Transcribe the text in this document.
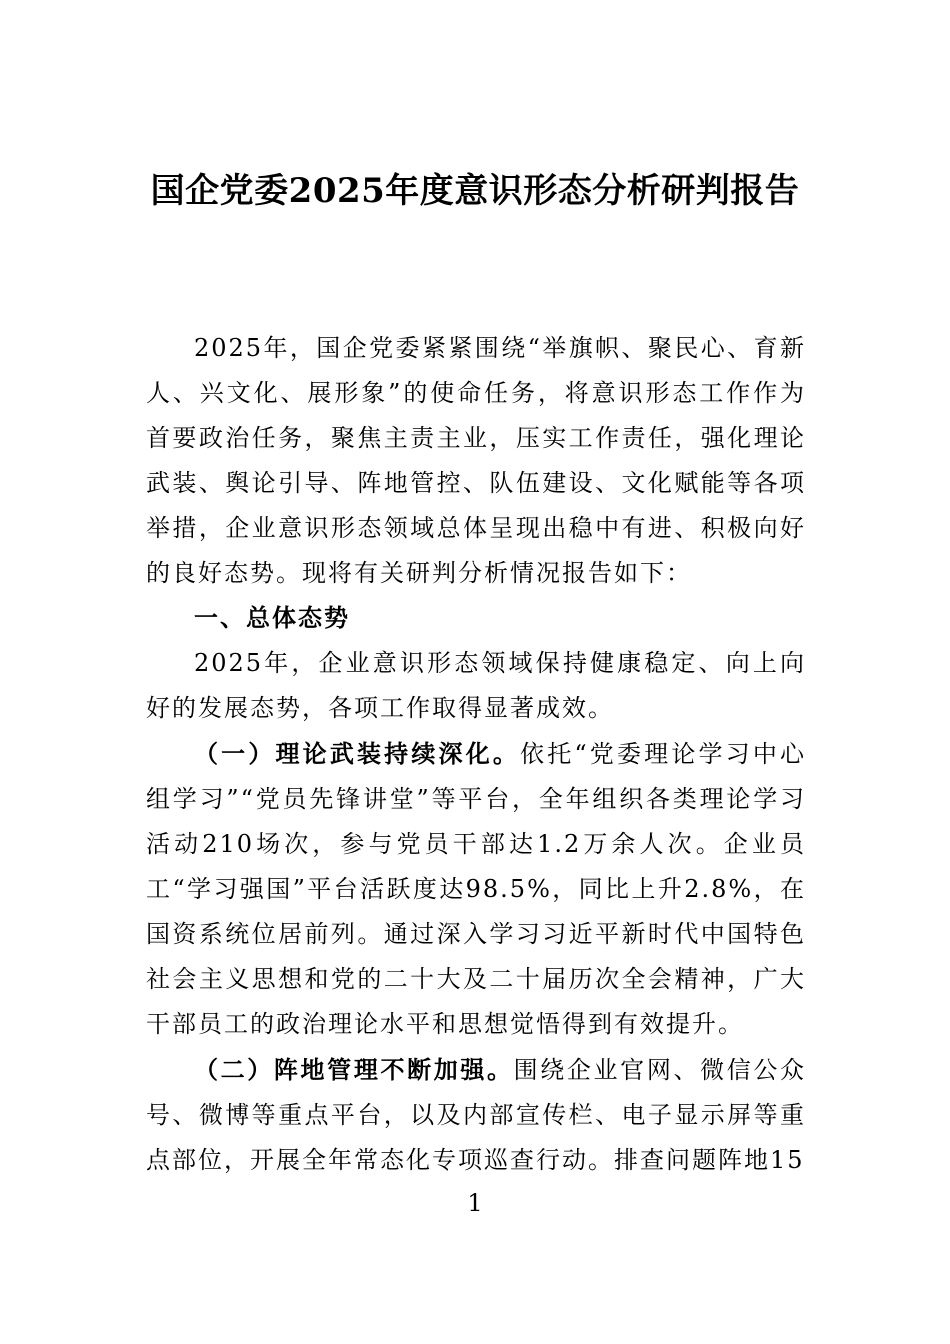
国企党委2025年度意识形态分析研判报告

2025年，国企党委紧紧围绕“举旗帜、聚民心、育新人、兴文化、展形象”的使命任务，将意识形态工作作为首要政治任务，聚焦主责主业，压实工作责任，强化理论武装、舆论引导、阵地管控、队伍建设、文化赋能等各项举措，企业意识形态领域总体呈现出稳中有进、积极向好的良好态势。现将有关研判分析情况报告如下：

一、总体态势

2025年，企业意识形态领域保持健康稳定、向上向好的发展态势，各项工作取得显著成效。

（一）理论武装持续深化。依托“党委理论学习中心组学习”“党员先锋讲堂”等平台，全年组织各类理论学习活动210场次，参与党员干部达1.2万余人次。企业员工“学习强国”平台活跃度达98.5%，同比上升2.8%，在国资系统位居前列。通过深入学习习近平新时代中国特色社会主义思想和党的二十大及二十届历次全会精神，广大干部员工的政治理论水平和思想觉悟得到有效提升。

（二）阵地管理不断加强。围绕企业官网、微信公众号、微博等重点平台，以及内部宣传栏、电子显示屏等重点部位，开展全年常态化专项巡查行动。排查问题阵地15

1
